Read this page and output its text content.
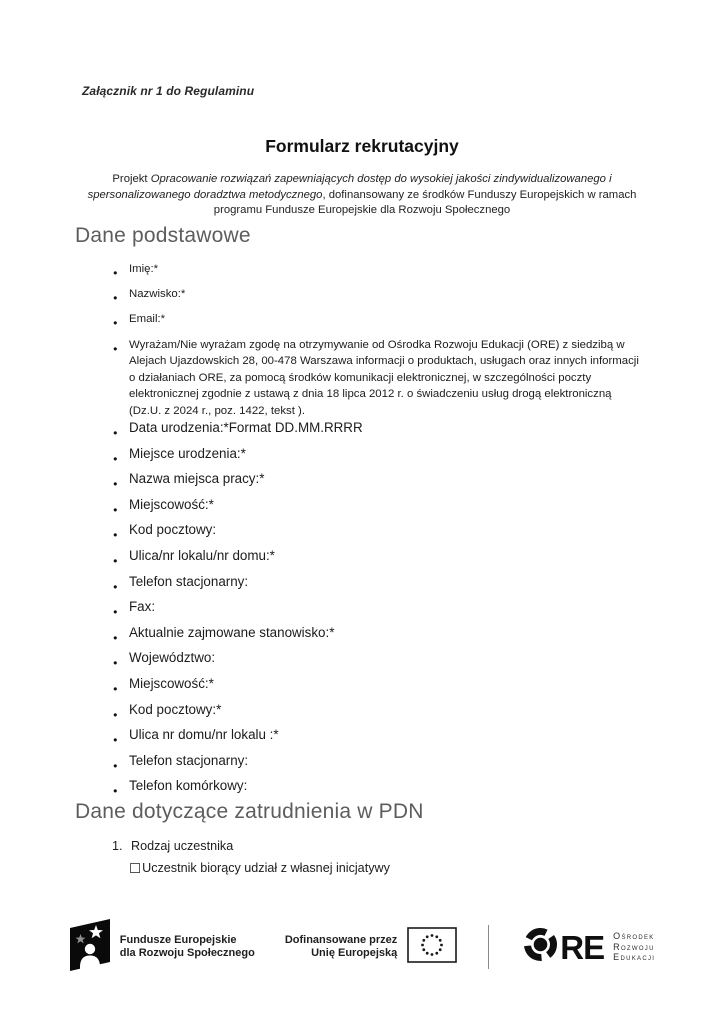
Załącznik nr 1 do Regulaminu
Formularz rekrutacyjny
Projekt Opracowanie rozwiązań zapewniających dostęp do wysokiej jakości zindywidualizowanego i spersonalizowanego doradztwa metodycznego, dofinansowany ze środków Funduszy Europejskich w ramach programu Fundusze Europejskie dla Rozwoju Społecznego
Dane podstawowe
● Imię:*
● Nazwisko:*
● Email:*
● Wyrażam/Nie wyrażam zgodę na otrzymywanie od Ośrodka Rozwoju Edukacji (ORE) z siedzibą w Alejach Ujazdowskich 28, 00-478 Warszawa informacji o produktach, usługach oraz innych informacji o działaniach ORE, za pomocą środków komunikacji elektronicznej, w szczególności poczty elektronicznej zgodnie z ustawą z dnia 18 lipca 2012 r. o świadczeniu usług drogą elektroniczną (Dz.U. z 2024 r., poz. 1422, tekst ).
● Data urodzenia:*Format DD.MM.RRRR
● Miejsce urodzenia:*
● Nazwa miejsca pracy:*
● Miejscowość:*
● Kod pocztowy:
● Ulica/nr lokalu/nr domu:*
● Telefon stacjonarny:
● Fax:
● Aktualnie zajmowane stanowisko:*
● Województwo:
● Miejscowość:*
● Kod pocztowy:*
● Ulica nr domu/nr lokalu :*
● Telefon stacjonarny:
● Telefon komórkowy:
Dane dotyczące zatrudnienia w PDN
1. Rodzaj uczestnika
☐Uczestnik biorący udział z własnej inicjatywy
Fundusze Europejskie
dla Rozwoju Społecznego
Dofinansowane przez
Unię Europejską	RE Ośrodek
Rozwoju
Edukacji
